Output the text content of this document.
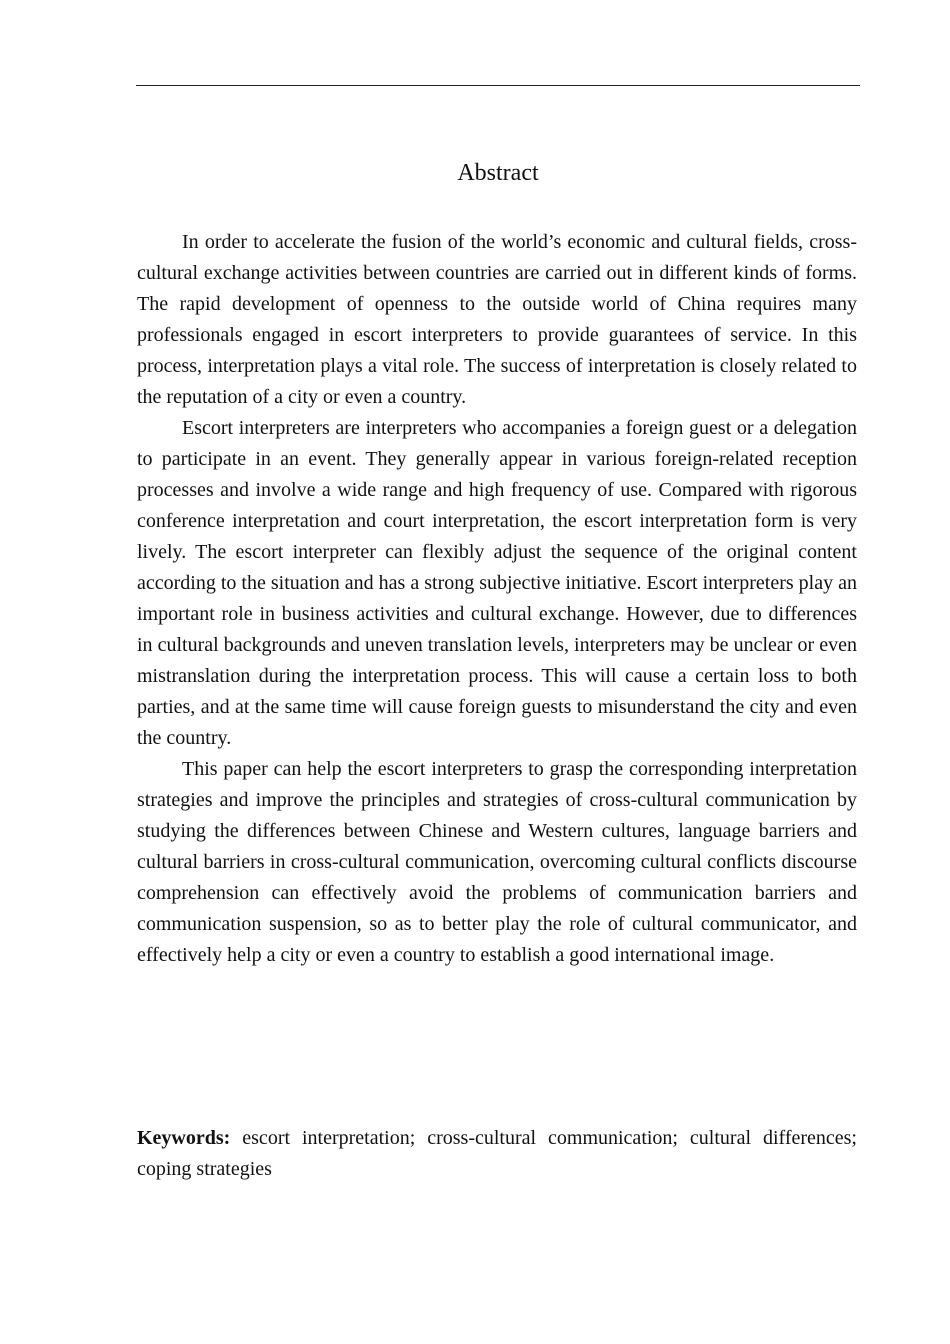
Abstract

In order to accelerate the fusion of the world’s economic and cultural fields, cross-cultural exchange activities between countries are carried out in different kinds of forms. The rapid development of openness to the outside world of China requires many professionals engaged in escort interpreters to provide guarantees of service. In this process, interpretation plays a vital role. The success of interpretation is closely related to the reputation of a city or even a country.

Escort interpreters are interpreters who accompanies a foreign guest or a delegation to participate in an event. They generally appear in various foreign-related reception processes and involve a wide range and high frequency of use. Compared with rigorous conference interpretation and court interpretation, the escort interpretation form is very lively. The escort interpreter can flexibly adjust the sequence of the original content according to the situation and has a strong subjective initiative. Escort interpreters play an important role in business activities and cultural exchange. However, due to differences in cultural backgrounds and uneven translation levels, interpreters may be unclear or even mistranslation during the interpretation process. This will cause a certain loss to both parties, and at the same time will cause foreign guests to misunderstand the city and even the country.

This paper can help the escort interpreters to grasp the corresponding interpretation strategies and improve the principles and strategies of cross-cultural communication by studying the differences between Chinese and Western cultures, language barriers and cultural barriers in cross-cultural communication, overcoming cultural conflicts discourse comprehension can effectively avoid the problems of communication barriers and communication suspension, so as to better play the role of cultural communicator, and effectively help a city or even a country to establish a good international image.

Keywords: escort interpretation; cross-cultural communication; cultural differences; coping strategies
